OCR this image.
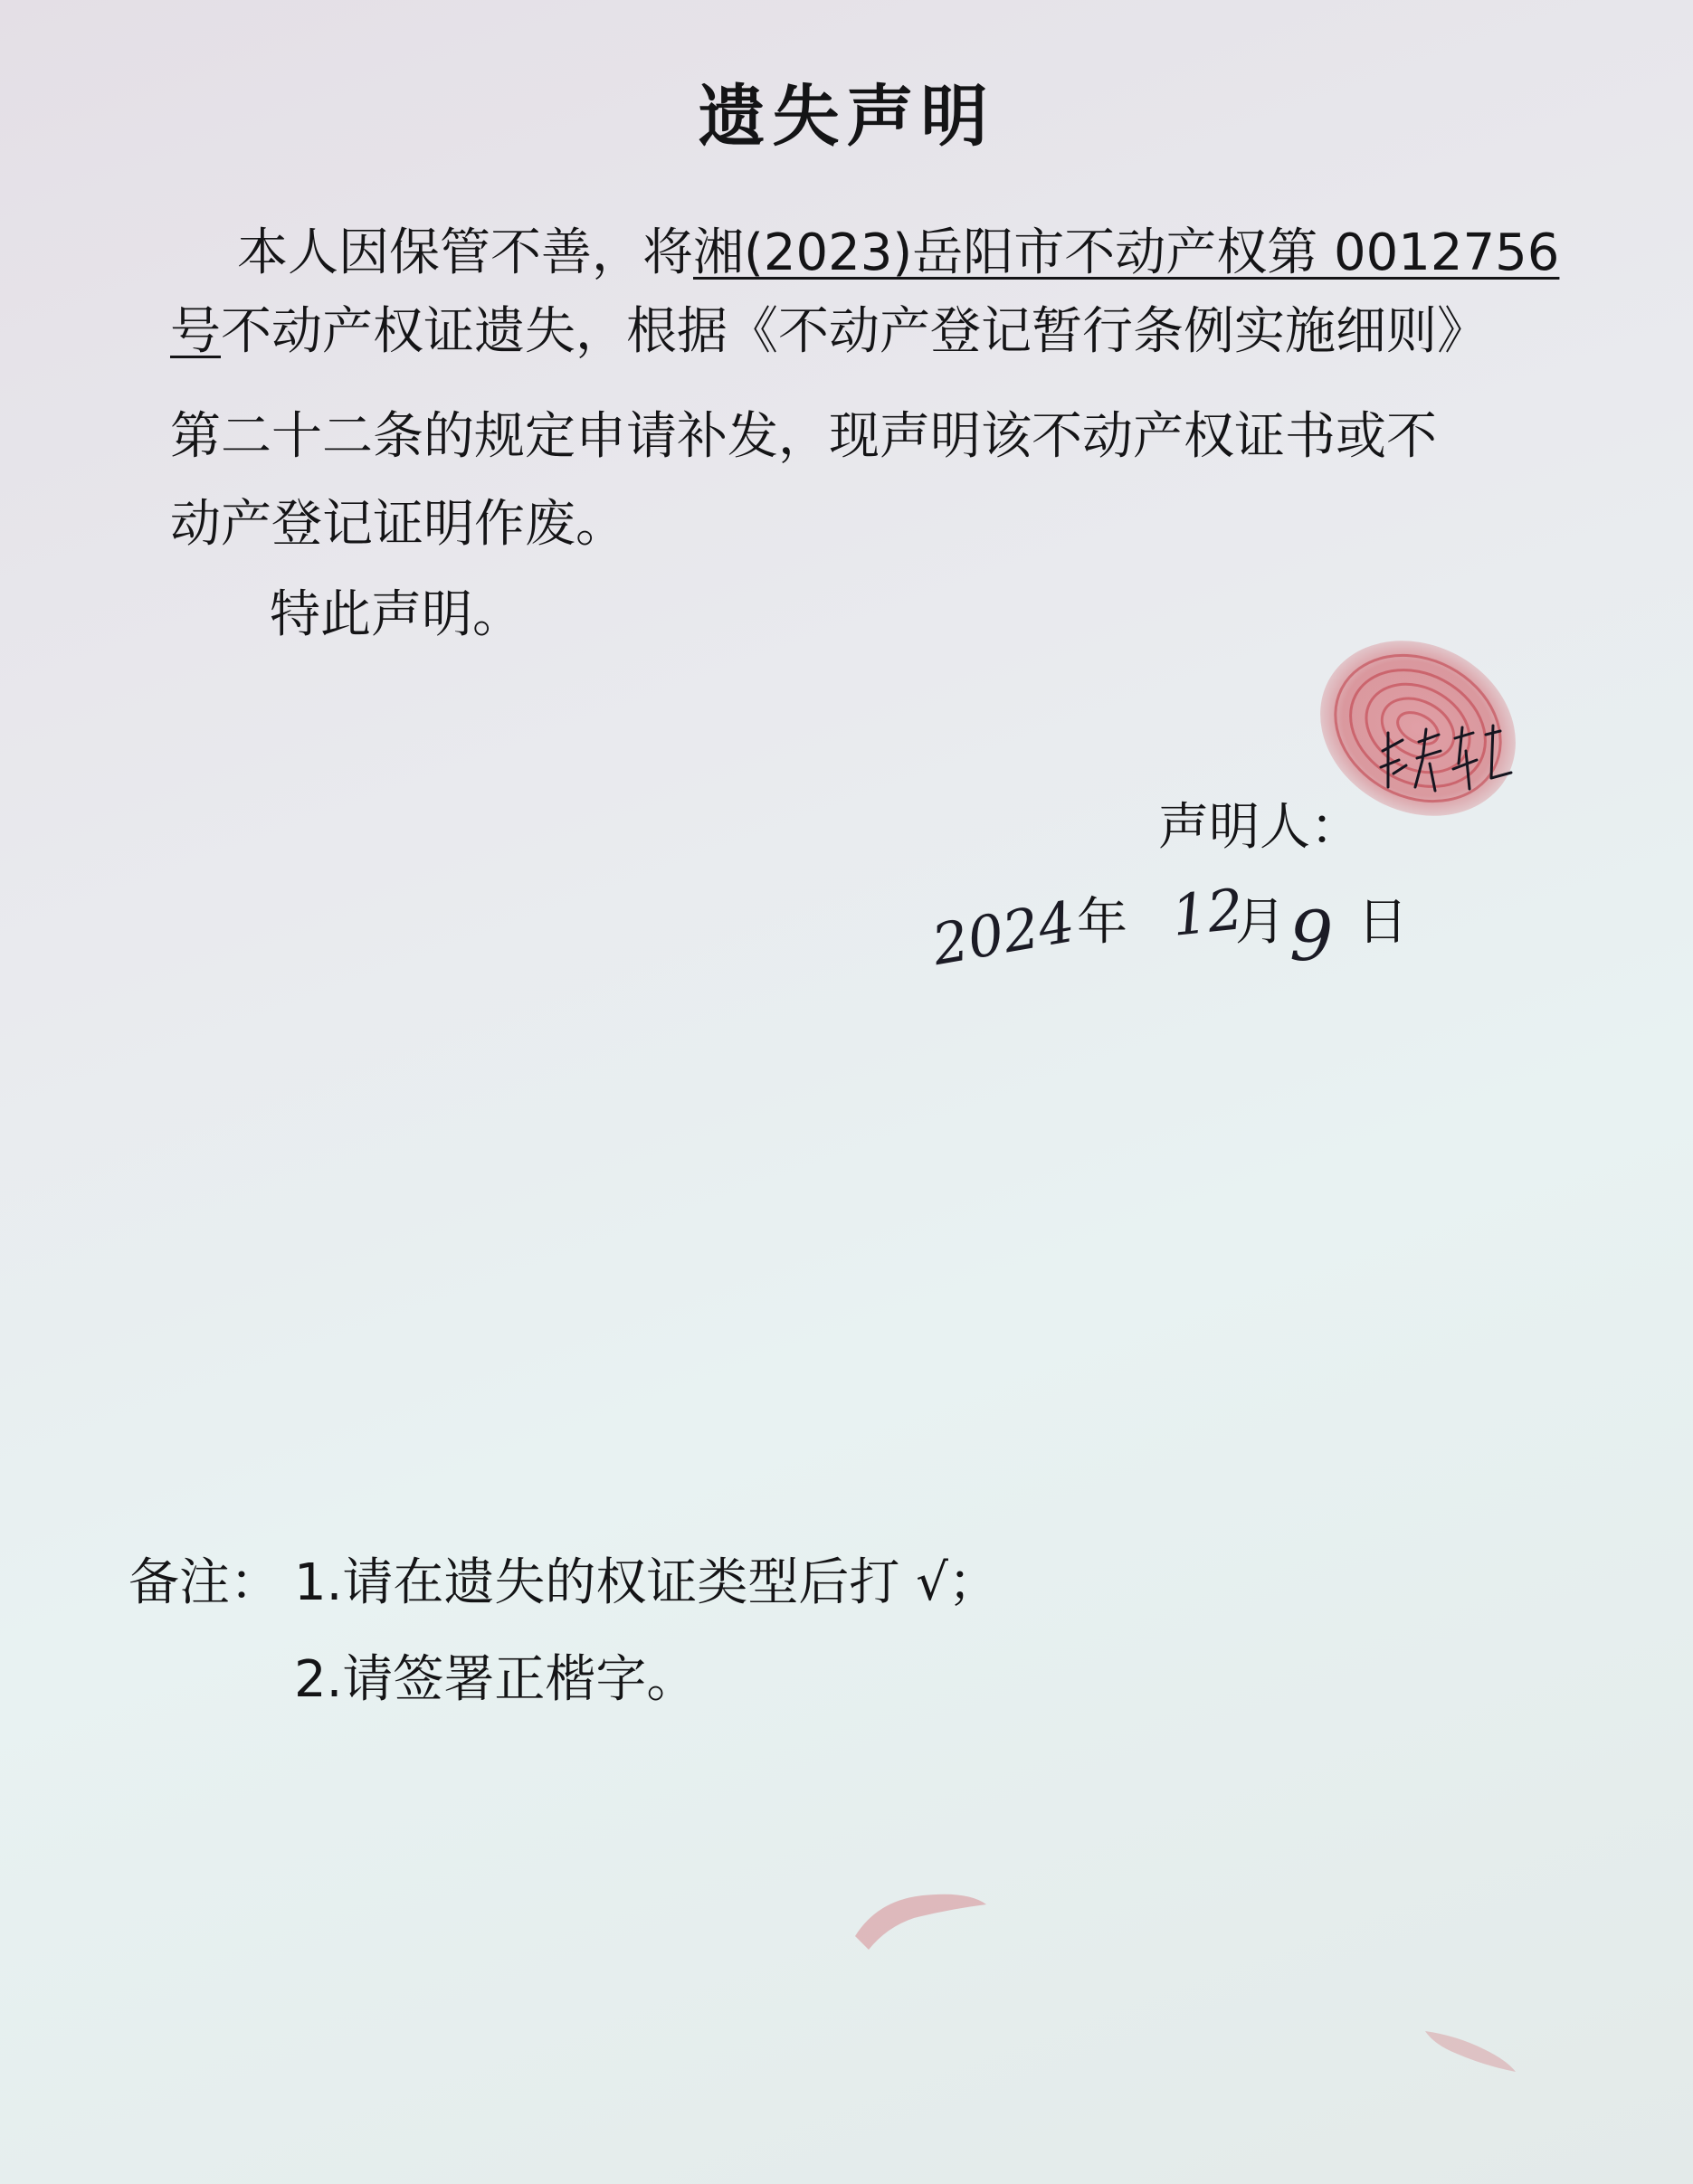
遗失声明
本人因保管不善，将湘(2023)岳阳市不动产权第 0012756
号不动产权证遗失，根据《不动产登记暂行条例实施细则》
第二十二条的规定申请补发，现声明该不动产权证书或不
动产登记证明作废。
特此声明。
声明人：
2024
年 12
月 9 日
备注： 1.请在遗失的权证类型后打 √；
2.请签署正楷字。
